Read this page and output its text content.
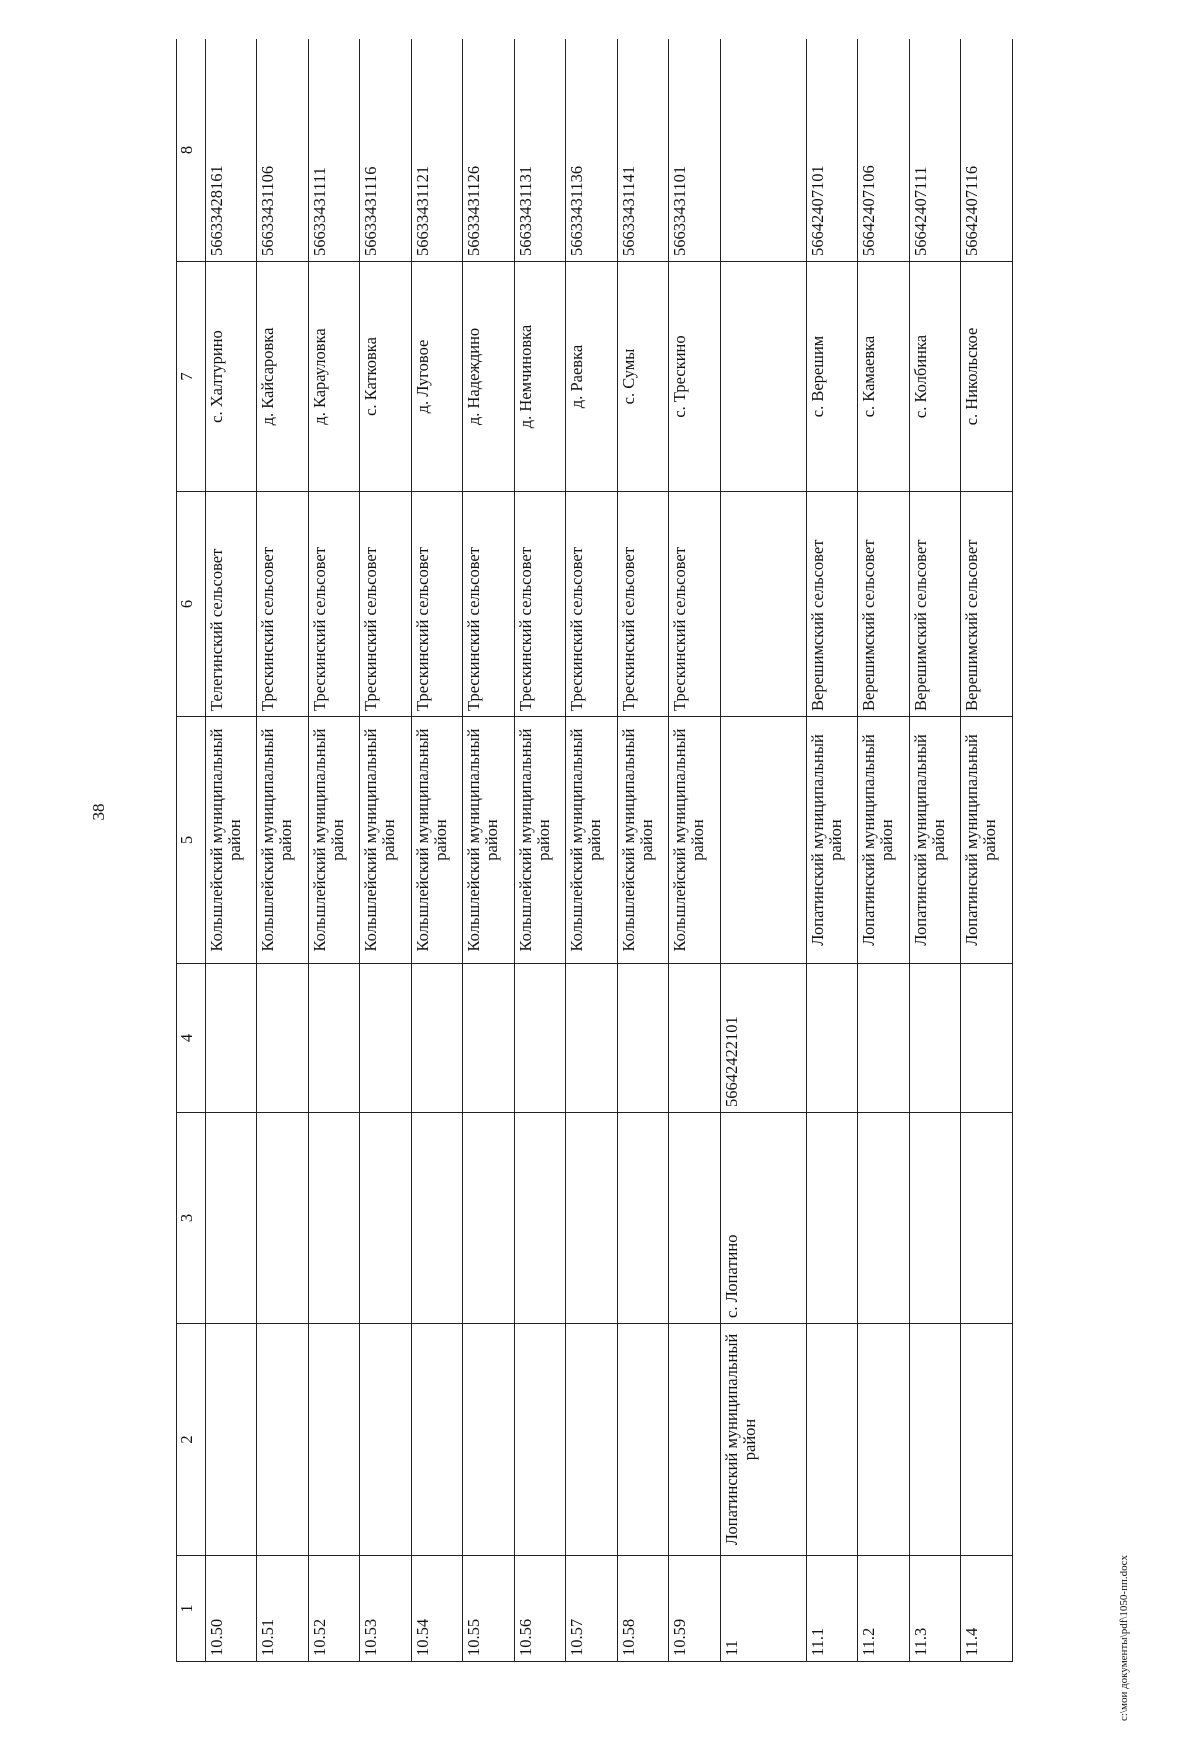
38
1	2	3	4	5	6	7	8
10.50				Кольшлейский муниципальный район	Телегинский сельсовет	с. Халтурино	56633428161
10.51				Кольшлейский муниципальный район	Трескинский сельсовет	д. Кайсаровка	56633431106
10.52				Кольшлейский муниципальный район	Трескинский сельсовет	д. Карауловка	56633431111
10.53				Кольшлейский муниципальный район	Трескинский сельсовет	с. Катковка	56633431116
10.54				Кольшлейский муниципальный район	Трескинский сельсовет	д. Луговое	56633431121
10.55				Кольшлейский муниципальный район	Трескинский сельсовет	д. Надеждино	56633431126
10.56				Кольшлейский муниципальный район	Трескинский сельсовет	д. Немчиновка	56633431131
10.57				Кольшлейский муниципальный район	Трескинский сельсовет	д. Раевка	56633431136
10.58				Кольшлейский муниципальный район	Трескинский сельсовет	с. Сумы	56633431141
10.59				Кольшлейский муниципальный район	Трескинский сельсовет	с. Трескино	56633431101
11	Лопатинский муниципальный район	с. Лопатино	56642422101				
11.1				Лопатинский муниципальный район	Верешимский сельсовет	с. Верешим	56642407101
11.2				Лопатинский муниципальный район	Верешимский сельсовет	с. Камаевка	56642407106
11.3				Лопатинский муниципальный район	Верешимский сельсовет	с. Колбинка	56642407111
11.4				Лопатинский муниципальный район	Верешимский сельсовет	с. Никольское	56642407116
c:\мои документы\pdf\1050-пп.docx
